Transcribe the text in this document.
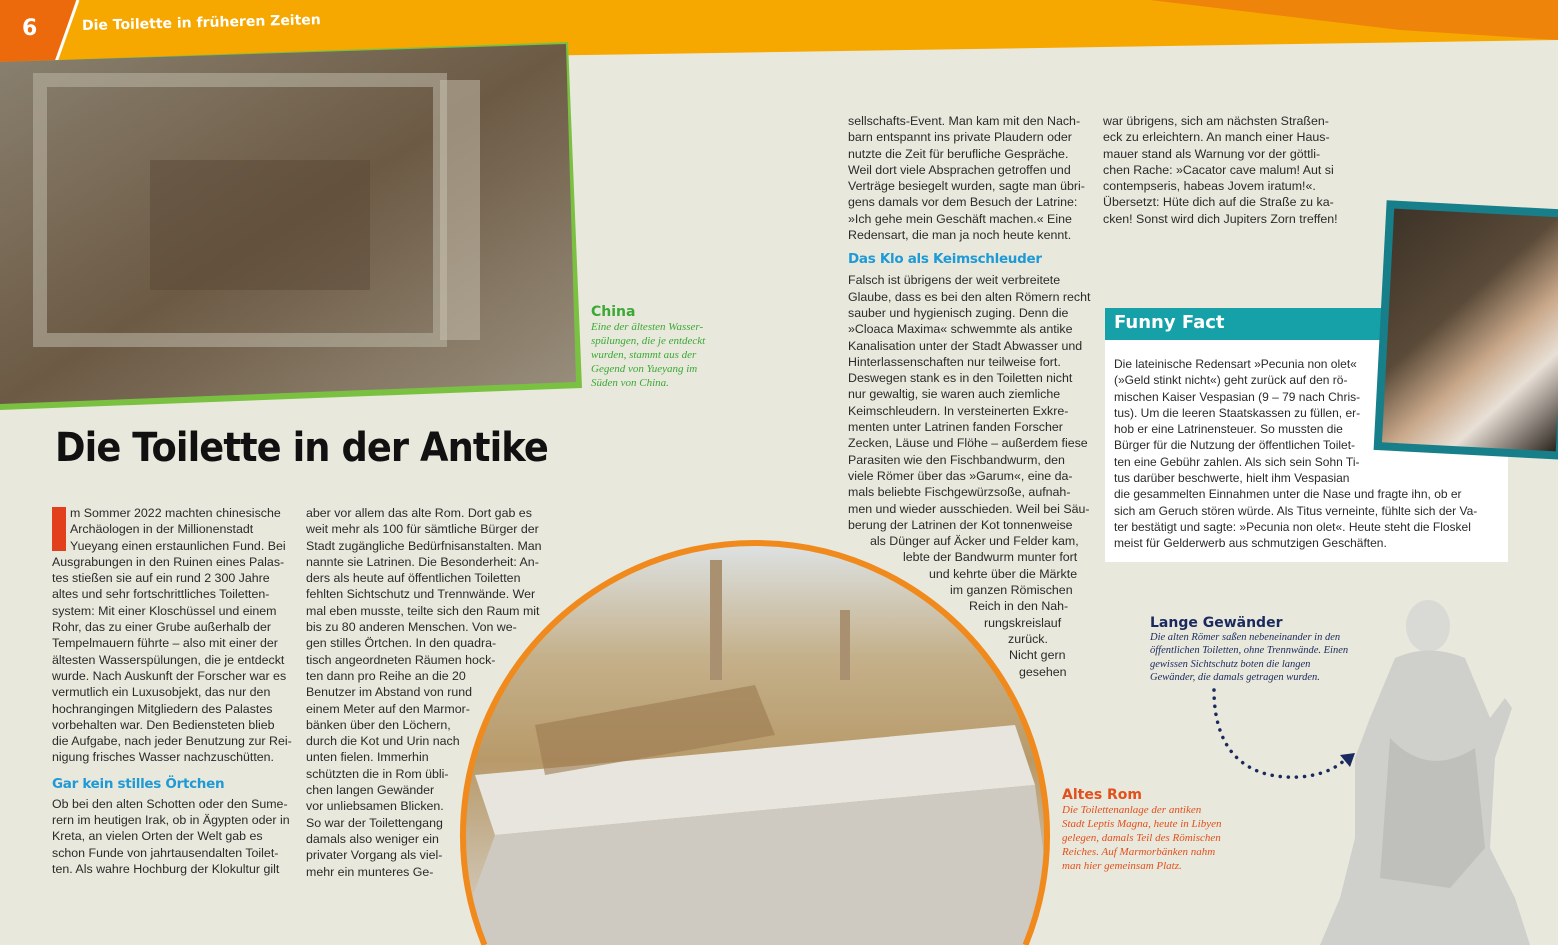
6	Die Toilette in früheren Zeiten
China
Eine der ältesten Wasser-
spülungen, die je entdeckt
wurden, stammt aus der
Gegend von Yueyang im
Süden von China.
Die Toilette in der Antike
I	m Sommer 2022 machten chinesische
Archäologen in der Millionenstadt
Yueyang einen erstaunlichen Fund. Bei
Ausgrabungen in den Ruinen eines Palas-
tes stießen sie auf ein rund 2 300 Jahre
altes und sehr fortschrittliches Toiletten-
system: Mit einer Kloschüssel und einem
Rohr, das zu einer Grube außerhalb der
Tempelmauern führte – also mit einer der
ältesten Wasserspülungen, die je entdeckt
wurde. Nach Auskunft der Forscher war es
vermutlich ein Luxusobjekt, das nur den
hochrangingen Mitgliedern des Palastes
vorbehalten war. Den Bediensteten blieb
die Aufgabe, nach jeder Benutzung zur Rei-
nigung frisches Wasser nachzuschütten.
Gar kein stilles Örtchen
Ob bei den alten Schotten oder den Sume-
rern im heutigen Irak, ob in Ägypten oder in
Kreta, an vielen Orten der Welt gab es
schon Funde von jahrtausendalten Toilet-
ten. Als wahre Hochburg der Klokultur gilt
aber vor allem das alte Rom. Dort gab es
weit mehr als 100 für sämtliche Bürger der
Stadt zugängliche Bedürfnisanstalten. Man
nannte sie Latrinen. Die Besonderheit: An-
ders als heute auf öffentlichen Toiletten
fehlten Sichtschutz und Trennwände. Wer
mal eben musste, teilte sich den Raum mit
bis zu 80 anderen Menschen. Von we-
gen stilles Örtchen. In den quadra-
tisch angeordneten Räumen hock-
ten dann pro Reihe an die 20
Benutzer im Abstand von rund
einem Meter auf den Marmor-
bänken über den Löchern,
durch die Kot und Urin nach
unten fielen. Immerhin
schützten die in Rom übli-
chen langen Gewänder
vor unliebsamen Blicken.
So war der Toilettengang
damals also weniger ein
privater Vorgang als viel-
mehr ein munteres Ge-
sellschafts-Event. Man kam mit den Nach-
barn entspannt ins private Plaudern oder
nutzte die Zeit für berufliche Gespräche.
Weil dort viele Absprachen getroffen und
Verträge besiegelt wurden, sagte man übri-
gens damals vor dem Besuch der Latrine:
»Ich gehe mein Geschäft machen.« Eine
Redensart, die man ja noch heute kennt.
Das Klo als Keimschleuder
Falsch ist übrigens der weit verbreitete
Glaube, dass es bei den alten Römern recht
sauber und hygienisch zuging. Denn die
»Cloaca Maxima« schwemmte als antike
Kanalisation unter der Stadt Abwasser und
Hinterlassenschaften nur teilweise fort.
Deswegen stank es in den Toiletten nicht
nur gewaltig, sie waren auch ziemliche
Keimschleudern. In versteinerten Exkre-
menten unter Latrinen fanden Forscher
Zecken, Läuse und Flöhe – außerdem fiese
Parasiten wie den Fischbandwurm, den
viele Römer über das »Garum«, eine da-
mals beliebte Fischgewürzsoße, aufnah-
men und wieder ausschieden. Weil bei Säu-
berung der Latrinen der Kot tonnenweise
als Dünger auf Äcker und Felder kam,
lebte der Bandwurm munter fort
und kehrte über die Märkte
im ganzen Römischen
Reich in den Nah-
rungskreislauf
zurück.
Nicht gern
gesehen
war übrigens, sich am nächsten Straßen-
eck zu erleichtern. An manch einer Haus-
mauer stand als Warnung vor der göttli-
chen Rache: »Cacator cave malum! Aut si
contempseris, habeas Jovem iratum!«.
Übersetzt: Hüte dich auf die Straße zu ka-
cken! Sonst wird dich Jupiters Zorn treffen!
Altes Rom
Die Toilettenanlage der antiken
Stadt Leptis Magna, heute in Libyen
gelegen, damals Teil des Römischen
Reiches. Auf Marmorbänken nahm
man hier gemeinsam Platz.
Funny Fact
Die lateinische Redensart »Pecunia non olet«
(»Geld stinkt nicht«) geht zurück auf den rö-
mischen Kaiser Vespasian (9 – 79 nach Chris-
tus). Um die leeren Staatskassen zu füllen, er-
hob er eine Latrinensteuer. So mussten die
Bürger für die Nutzung der öffentlichen Toilet-
ten eine Gebühr zahlen. Als sich sein Sohn Ti-
tus darüber beschwerte, hielt ihm Vespasian
die gesammelten Einnahmen unter die Nase und fragte ihn, ob er
sich am Geruch stören würde. Als Titus verneinte, fühlte sich der Va-
ter bestätigt und sagte: »Pecunia non olet«. Heute steht die Floskel
meist für Gelderwerb aus schmutzigen Geschäften.
Lange Gewänder
Die alten Römer saßen nebeneinander in den
öffentlichen Toiletten, ohne Trennwände. Einen
gewissen Sichtschutz boten die langen
Gewänder, die damals getragen wurden.
